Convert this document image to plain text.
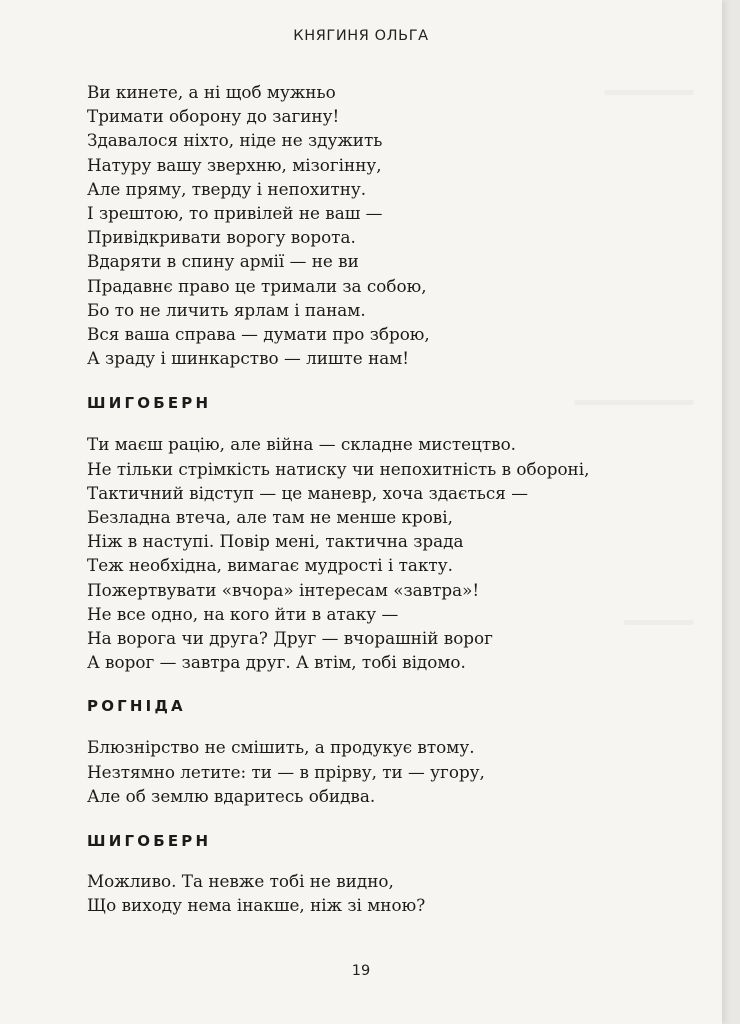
КНЯГИНЯ ОЛЬГА
Ви кинете, а ні щоб мужньо
Тримати оборону до загину!
Здавалося ніхто, ніде не здужить
Натуру вашу зверхню, мізогінну,
Але пряму, тверду і непохитну.
І зрештою, то привілей не ваш —
Привідкривати ворогу ворота.
Вдаряти в спину армії — не ви
Прадавнє право це тримали за собою,
Бо то не личить ярлам і панам.
Вся ваша справа — думати про зброю,
А зраду і шинкарство — лиште нам!
ШИГОБЕРН
Ти маєш рацію, але війна — складне мистецтво.
Не тільки стрімкість натиску чи непохитність в обороні,
Тактичний відступ — це маневр, хоча здається —
Безладна втеча, але там не менше крові,
Ніж в наступі. Повір мені, тактична зрада
Теж необхідна, вимагає мудрості і такту.
Пожертвувати «вчора» інтересам «завтра»!
Не все одно, на кого йти в атаку —
На ворога чи друга? Друг — вчорашній ворог
А ворог — завтра друг. А втім, тобі відомо.
РОГНІДА
Блюзнірство не смішить, а продукує втому.
Незтямно летите: ти — в прірву, ти — угору,
Але об землю вдаритесь обидва.
ШИГОБЕРН
Можливо. Та невже тобі не видно,
Що виходу нема інакше, ніж зі мною?
19
